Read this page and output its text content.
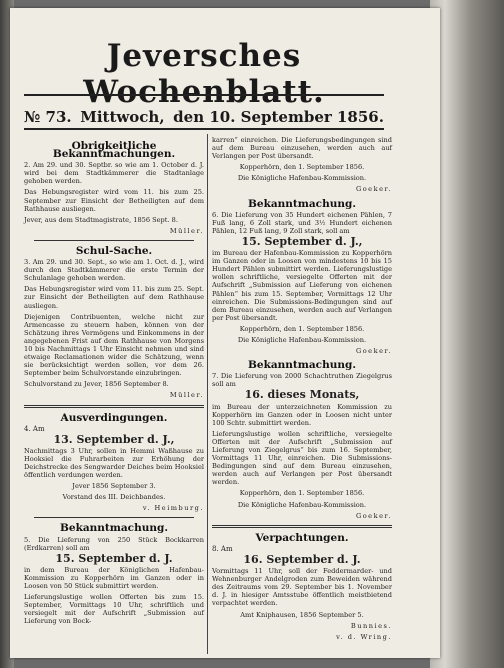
Jeversches Wochenblatt.
№ 73. Mittwoch, den 10. September 1856.
Obrigkeitliche Bekanntmachungen.

2. Am 29. und 30. Septbr. so wie am 1. October d. J. wird bei dem Stadtkämmerer die Stadtanlage gehoben werden.

Das Hebungsregister wird vom 11. bis zum 25. September zur Einsicht der Betheiligten auf dem Rathhause ausliegen.

Jever, aus dem Stadtmagistrate, 1856 Sept. 8.

Müller.
Schul-Sache.

3. Am 29. und 30. Sept., so wie am 1. Oct. d. J., wird durch den Stadtkämmerer die erste Termin der Schulanlage gehoben werden.

Das Hebungsregister wird vom 11. bis zum 25. Sept. zur Einsicht der Betheiligten auf dem Rathhause ausliegen.

Diejenigen Contribuenten, welche nicht zur Armencasse zu steuern haben, können von der Schätzung ihres Vermögens und Einkommens in der angegebenen Frist auf dem Rathhause von Morgens 10 bis Nachmittags 1 Uhr Einsicht nehmen und sind etwaige Reclamationen wider die Schätzung, wenn sie berücksichtigt werden sollen, vor dem 26. September beim Schulvorstande einzubringen.

Schulvorstand zu Jever, 1856 September 8.

Müller.
Ausverdingungen.
4. Am
13. September d. J.,

Nachmittags 3 Uhr, sollen in Hemmi Waßhause zu Hooksiel die Fuhrarbeiten zur Erhöhung der Deichstrecke des Sengwarder Deiches beim Hooksiel öffentlich verdungen werden.

Jever 1856 September 3.

Vorstand des III. Deichbandes.

v. Heimburg.
Bekanntmachung.

5. Die Lieferung von 250 Stück Bockkarren (Erdkarren) soll am

15. September d. J.

in dem Bureau der Königlichen Hafenbau-Kommission zu Kopperhörn im Ganzen oder in Loosen von 50 Stück submittirt werden.

Lieferungslustige wollen Offerten bis zum 15. September, Vormittags 10 Uhr, schriftlich und versiegelt mit der Aufschrift „Submission auf Lieferung von Bock-

karren“ einreichen. Die Lieferungsbedingungen sind auf dem Bureau einzusehen, werden auch auf Verlangen per Post übersandt.

Kopperhörn, den 1. September 1856.

Die Königliche Hafenbau-Kommission.

Goeker.
Bekanntmachung.

6. Die Lieferung von 35 Hundert eichenen Pählen, 7 Fuß lang, 6 Zoll stark, und 3½ Hundert eichenen Pählen, 12 Fuß lang, 9 Zoll stark, soll am

15. September d. J.,

im Bureau der Hafenbau-Kommission zu Kopperhörn im Ganzen oder in Loosen von mindestens 10 bis 15 Hundert Pählen submittirt werden. Lieferungslustige wollen schriftliche, versiegelte Offerten mit der Aufschrift „Submission auf Lieferung von eichenen Pählen“ bis zum 15. September, Vormittags 12 Uhr einreichen. Die Submissions-Bedingungen sind auf dem Bureau einzusehen, werden auch auf Verlangen per Post übersandt.

Kopperhörn, den 1. September 1856.

Die Königliche Hafenbau-Kommission.

Goeker.
Bekanntmachung.

7. Die Lieferung von 2000 Schachtruthen Ziegelgrus soll am

16. dieses Monats,

im Bureau der unterzeichneten Kommission zu Kopperhörn im Ganzen oder in Loosen nicht unter 100 Schtr. submittirt werden.

Lieferungslustige wollen schriftliche, versiegelte Offerten mit der Aufschrift „Submission auf Lieferung von Ziegelgrus“ bis zum 16. September, Vormittags 11 Uhr, einreichen. Die Submissions-Bedingungen sind auf dem Bureau einzusehen, werden auch auf Verlangen per Post übersandt werden.

Kopperhörn, den 1. September 1856.

Die Königliche Hafenbau-Kommission.

Goeker.
Verpachtungen.
8. Am
16. September d. J.

Vormittags 11 Uhr, soll der Feddermarder- und Wehnenburger Andelgroden zum Beweiden während des Zeitraums vom 29. September bis 1. November d. J. in hiesiger Amtsstube öffentlich meistbietend verpachtet werden.

Amt Kniphausen, 1856 September 5.

Bunnies.
v. d. Wring.
